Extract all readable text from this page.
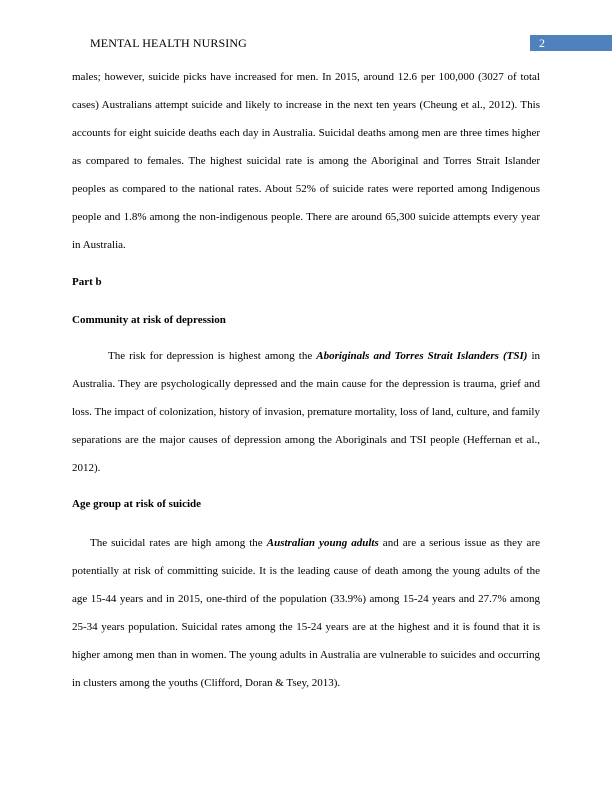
MENTAL HEALTH NURSING	2

males; however, suicide picks have increased for men. In 2015, around 12.6 per 100,000 (3027 of total cases) Australians attempt suicide and likely to increase in the next ten years (Cheung et al., 2012). This accounts for eight suicide deaths each day in Australia. Suicidal deaths among men are three times higher as compared to females. The highest suicidal rate is among the Aboriginal and Torres Strait Islander peoples as compared to the national rates. About 52% of suicide rates were reported among Indigenous people and 1.8% among the non-indigenous people. There are around 65,300 suicide attempts every year in Australia.

Part b

Community at risk of depression

The risk for depression is highest among the Aboriginals and Torres Strait Islanders (TSI) in Australia. They are psychologically depressed and the main cause for the depression is trauma, grief and loss. The impact of colonization, history of invasion, premature mortality, loss of land, culture, and family separations are the major causes of depression among the Aboriginals and TSI people (Heffernan et al., 2012).

Age group at risk of suicide

The suicidal rates are high among the Australian young adults and are a serious issue as they are potentially at risk of committing suicide. It is the leading cause of death among the young adults of the age 15-44 years and in 2015, one-third of the population (33.9%) among 15-24 years and 27.7% among 25-34 years population. Suicidal rates among the 15-24 years are at the highest and it is found that it is higher among men than in women. The young adults in Australia are vulnerable to suicides and occurring in clusters among the youths (Clifford, Doran & Tsey, 2013).
